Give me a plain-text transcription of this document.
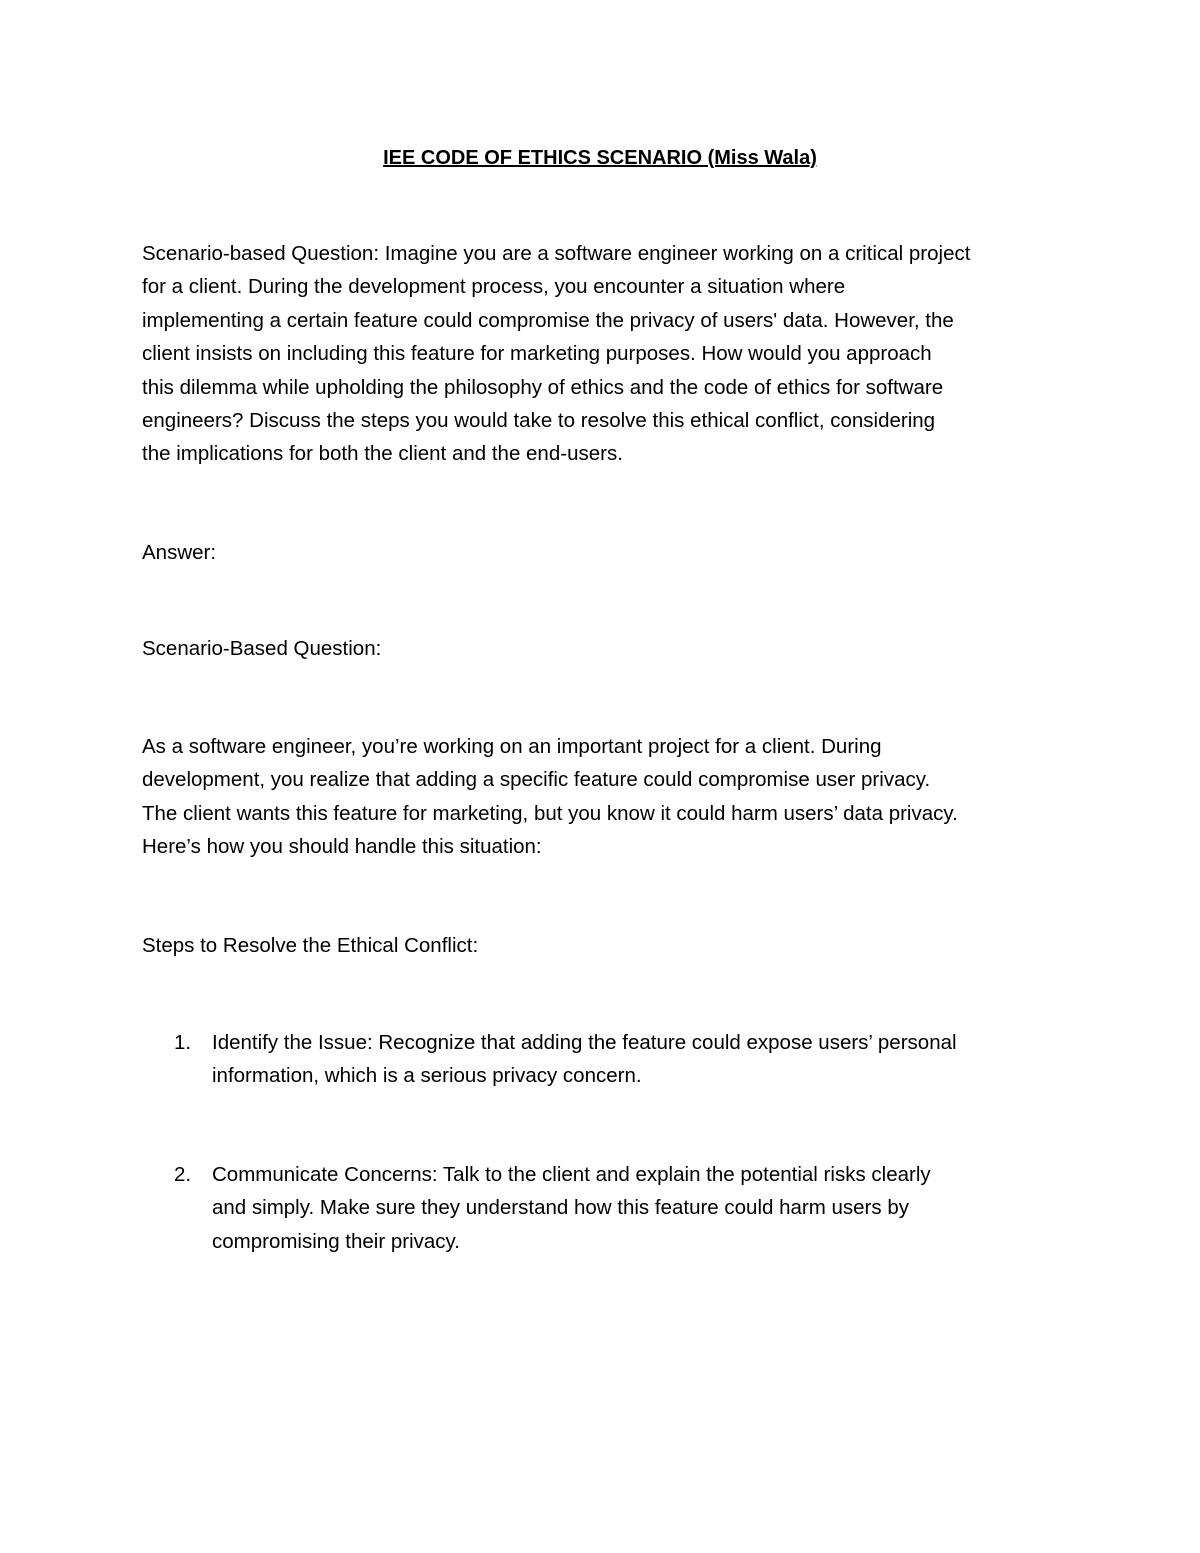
IEE CODE OF ETHICS SCENARIO (Miss Wala)
Scenario-based Question: Imagine you are a software engineer working on a critical project
for a client. During the development process, you encounter a situation where
implementing a certain feature could compromise the privacy of users' data. However, the
client insists on including this feature for marketing purposes. How would you approach
this dilemma while upholding the philosophy of ethics and the code of ethics for software
engineers? Discuss the steps you would take to resolve this ethical conflict, considering
the implications for both the client and the end-users.
Answer:
Scenario-Based Question:
As a software engineer, you’re working on an important project for a client. During
development, you realize that adding a specific feature could compromise user privacy.
The client wants this feature for marketing, but you know it could harm users’ data privacy.
Here’s how you should handle this situation:
Steps to Resolve the Ethical Conflict:
1. Identify the Issue: Recognize that adding the feature could expose users’ personal
information, which is a serious privacy concern.
2. Communicate Concerns: Talk to the client and explain the potential risks clearly
and simply. Make sure they understand how this feature could harm users by
compromising their privacy.
